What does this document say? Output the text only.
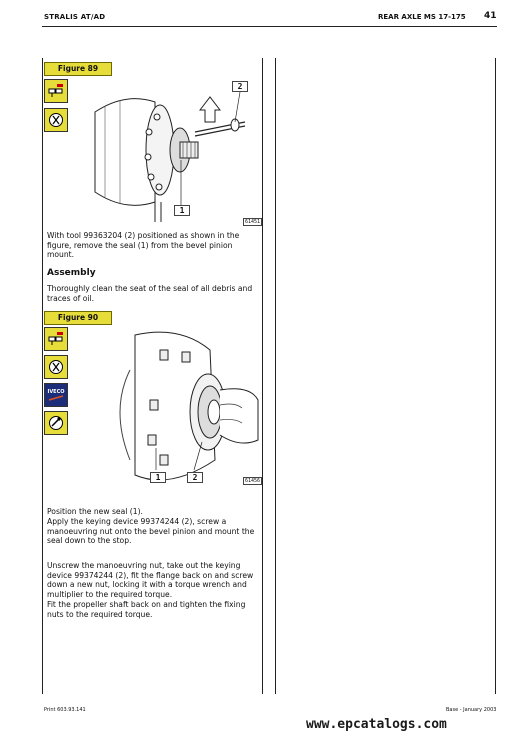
STRALIS AT/AD	REAR AXLE MS 17-175 41
Figure 89
2
1
61451

With tool 99363204 (2) positioned as shown in the figure, remove the seal (1) from the bevel pinion mount.

Assembly

Thoroughly clean the seat of the seal of all debris and traces of oil.

Figure 90
IVECO
1	2	61456

Position the new seal (1).

Apply the keying device 99374244 (2), screw a manoeuvring nut onto the bevel pinion and mount the seal down to the stop.

Unscrew the manoeuvring nut, take out the keying device 99374244 (2), fit the flange back on and screw down a new nut, locking it with a torque wrench and multiplier to the required torque.

Fit the propeller shaft back on and tighten the fixing nuts to the required torque.

Print 603.93.141	Base - January 2003
www.epcatalogs.com
